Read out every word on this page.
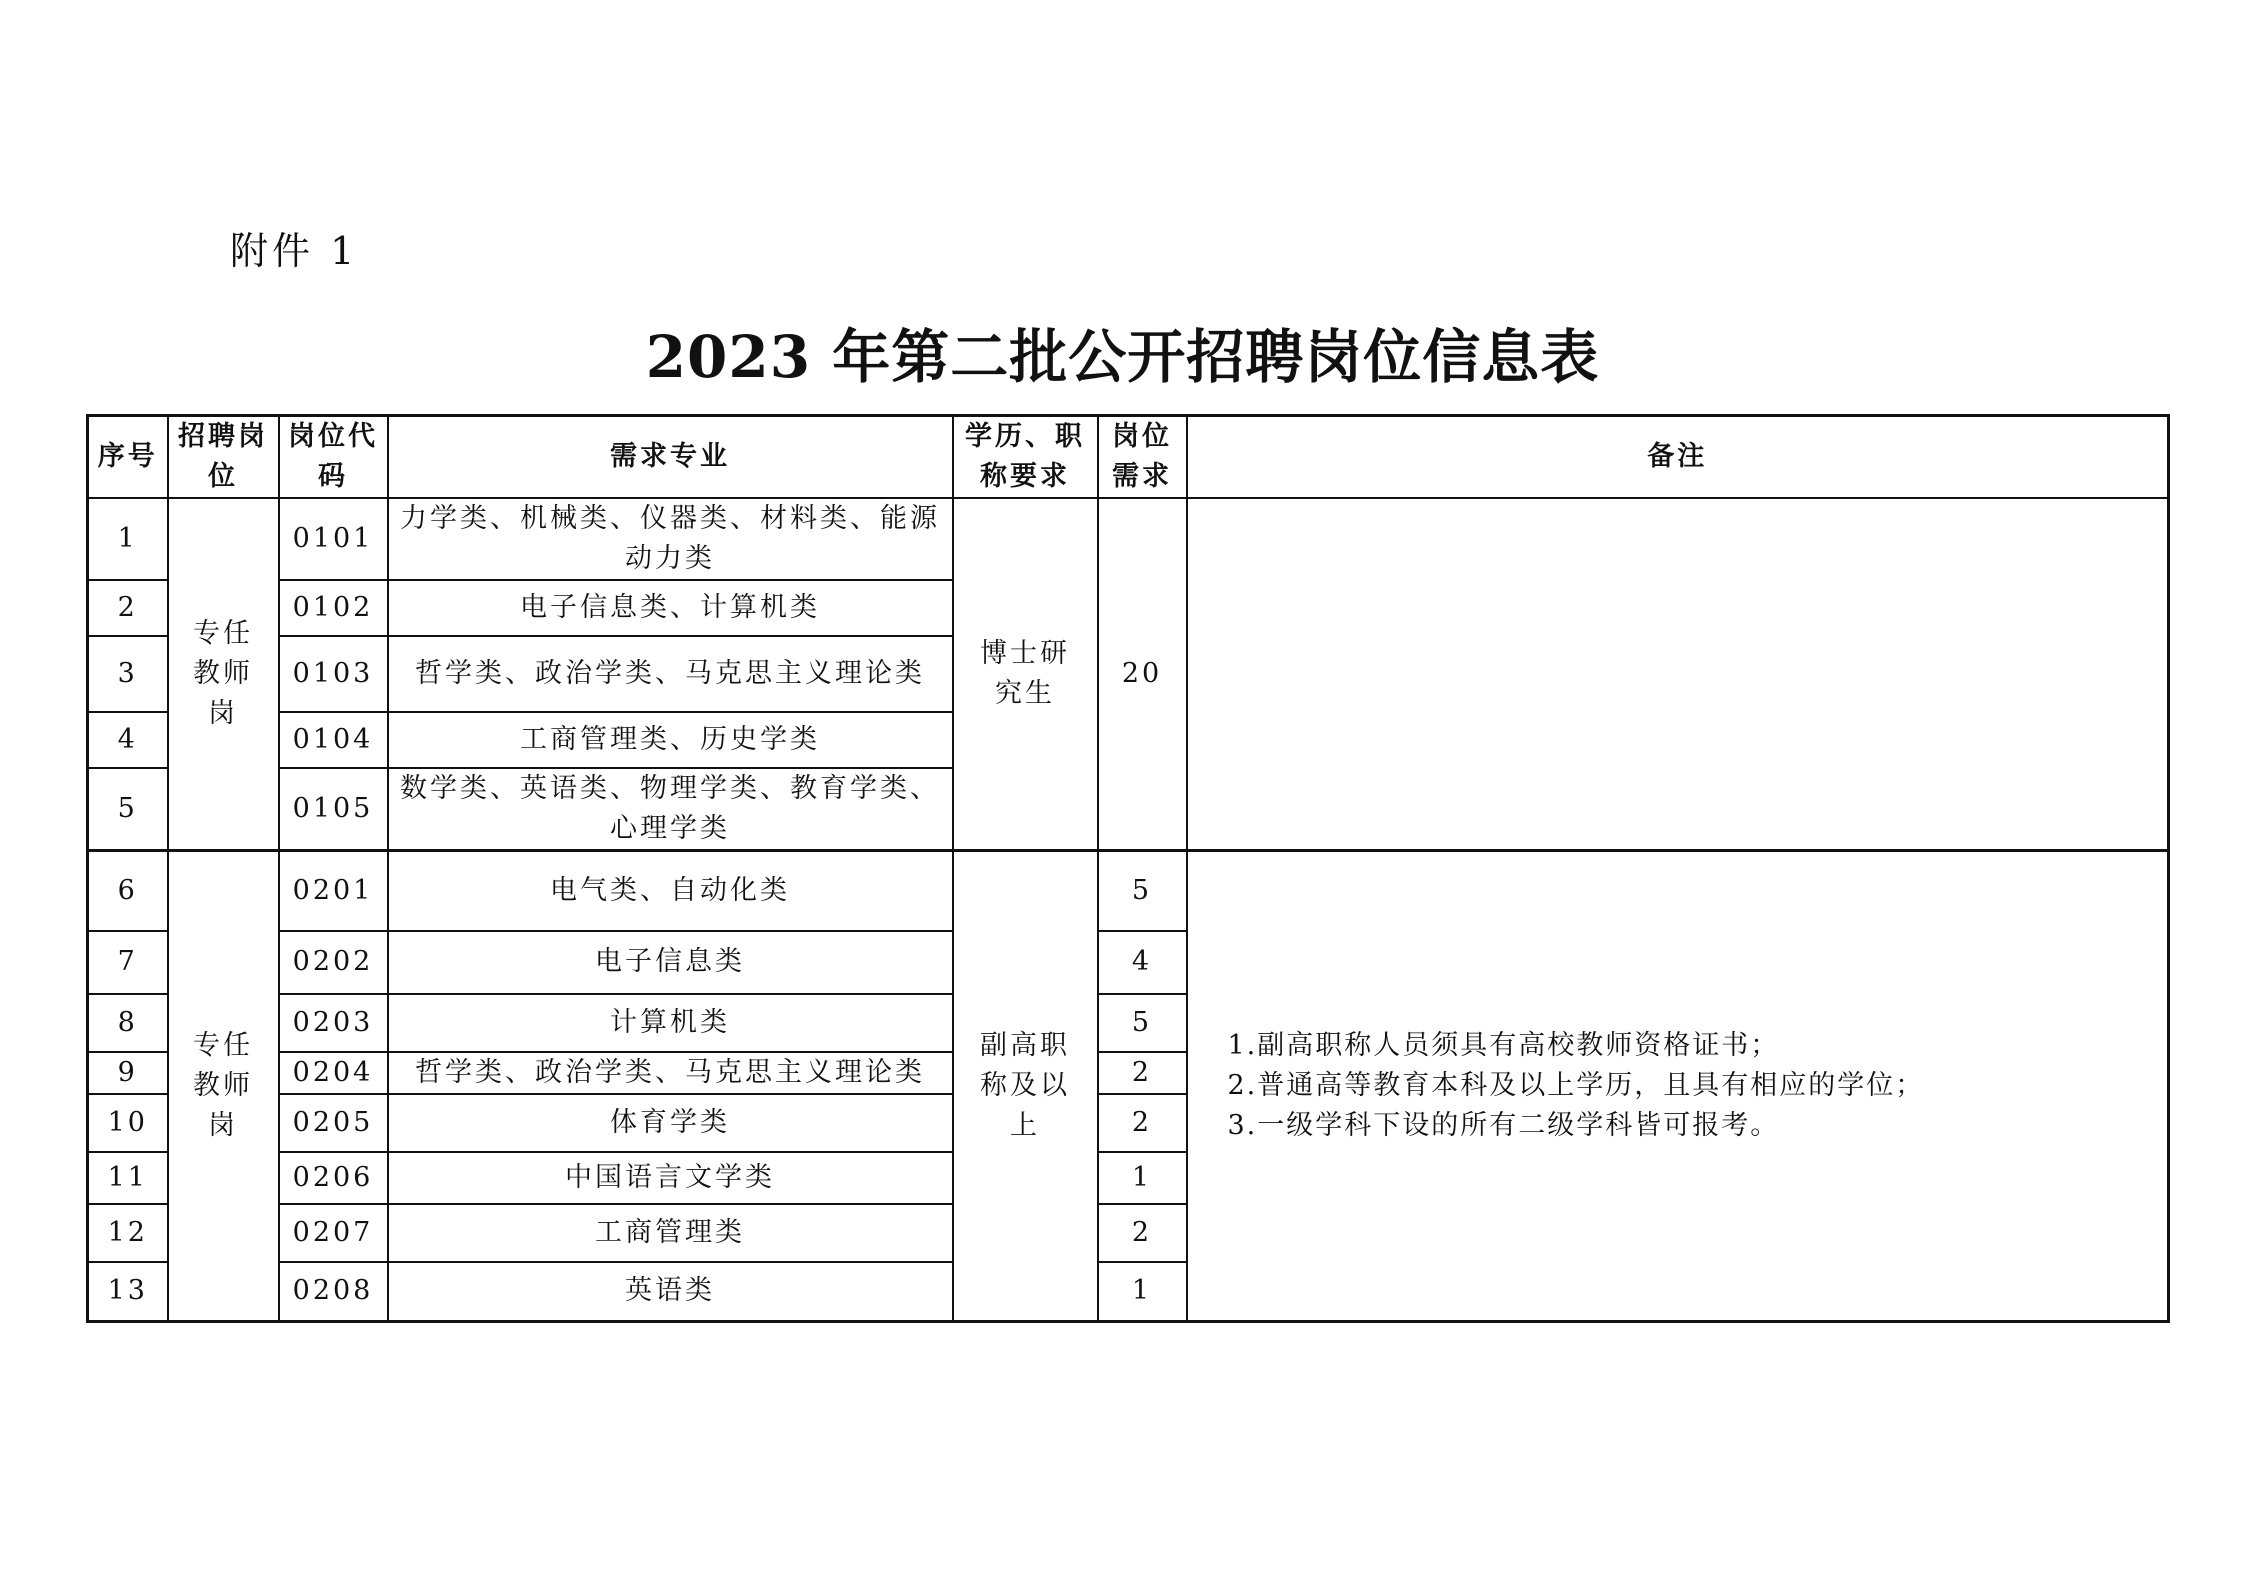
附件 1
2023 年第二批公开招聘岗位信息表
序号	招聘岗位	岗位代码	需求专业	学历、职称要求	岗位需求	备注
1	专任教师岗	0101	力学类、机械类、仪器类、材料类、能源动力类	博士研究生	20	
2		0102	电子信息类、计算机类			
3		0103	哲学类、政治学类、马克思主义理论类			
4		0104	工商管理类、历史学类			
5		0105	数学类、英语类、物理学类、教育学类、心理学类			
6	专任教师岗	0201	电气类、自动化类	副高职称及以上	5	1.副高职称人员须具有高校教师资格证书；
2.普通高等教育本科及以上学历，且具有相应的学位；
3.一级学科下设的所有二级学科皆可报考。

7		0202	电子信息类		4	
8		0203	计算机类		5	
9		0204	哲学类、政治学类、马克思主义理论类		2	
10		0205	体育学类		2	
11		0206	中国语言文学类		1	
12		0207	工商管理类		2	
13		0208	英语类		1	
